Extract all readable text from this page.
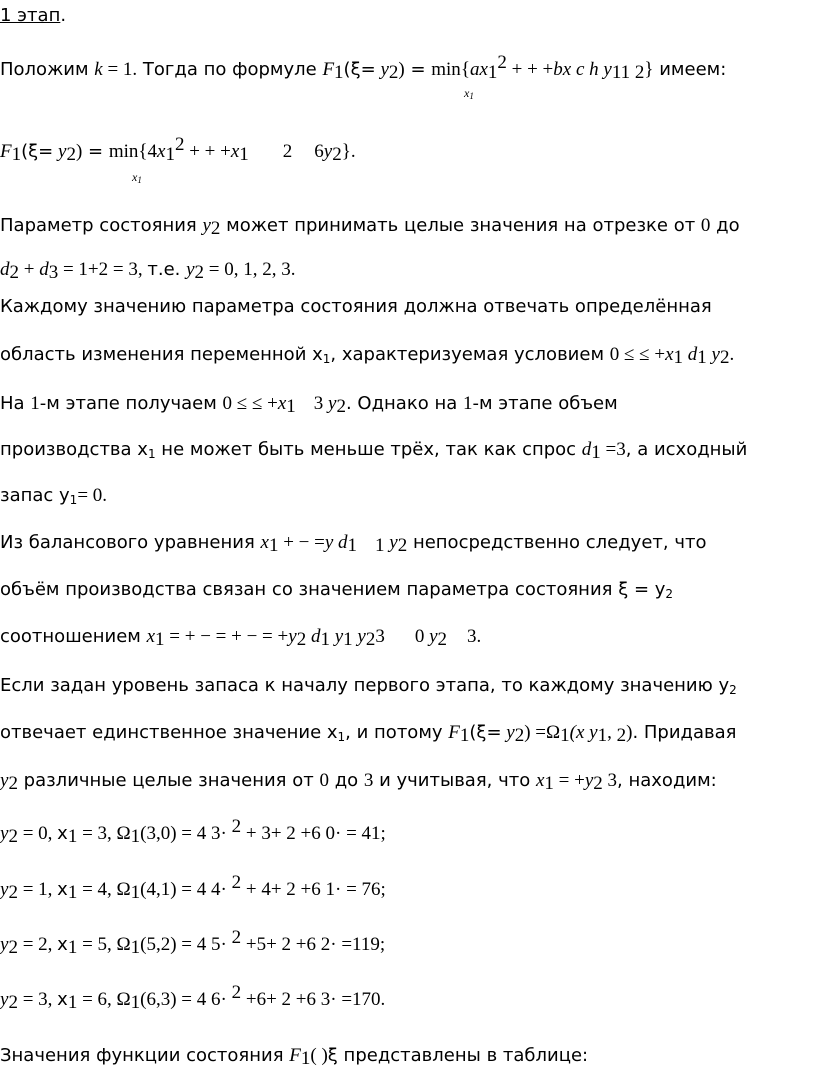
1 этап.
Положим k = 1. Тогда по формуле $F_1(\xi= y_2) = \min\{ax_1^2$ + + +bx c h $y_{11 2}$} имеем:
$x_1$
$F_1(\xi= y_2) = \min\{4x_1^2$ + + $+x_1$ 2 $6y_2$}.
$x_1$
Параметр состояния $y_2$ может принимать целые значения на отрезке от 0 до
$d_2 + d_3 = 1+2 = 3$, т.е. $y_2 = 0$, 1, 2, 3.
Каждому значению параметра состояния должна отвечать определённая
область изменения переменной $x_1$, характеризуемая условием 0 ≤ ≤ $+x_1$ $d_1$ $y_2$.
На 1-м этапе получаем 0 ≤ ≤ $+x_1$ 3 $y_2$. Однако на 1-м этапе объем
производства $x_1$ не может быть меньше трёх, так как спрос $d_1 =3$, а исходный
запас $y_1= 0$.
Из балансового уравнения $x_1$ + − =y $d_1$ $_1$ $y_2$ непосредственно следует, что
объём производства связан со значением параметра состояния $\xi = y_2$
соотношением $x_1$ = + − = + − = $+y_2$ $d_1$ $y_1$ $y_23$ 0 $y_2$ 3.
Если задан уровень запаса к началу первого этапа, то каждому значению $y_2$
отвечает единственное значение $x_1$, и потому $F_1(\xi= y_2) =\Omega_1(x$ $y_1$, $_2$). Придавая
$y_2$ различные целые значения от 0 до 3 и учитывая, что $x_1 = +y_2$ 3, находим:
$y_2 = 0$, $x_1 = 3$, $\Omega_1(3,0) = 4$ 3· $^2$ + 3+ 2 +6 0· = 41;
$y_2 = 1$, $x_1 = 4$, $\Omega_1(4,1) = 4$ 4· $^2$ + 4+ 2 +6 1· = 76;
$y_2 = 2$, $x_1 = 5$, $\Omega_1(5,2) = 4$ 5· $^2$ +5+ 2 +6 2· =119;
$y_2 = 3$, $x_1 = 6$, $\Omega_1(6,3) = 4$ 6· $^2$ +6+ 2 +6 3· =170.
Значения функции состояния $F_1$( )ξ представлены в таблице:
